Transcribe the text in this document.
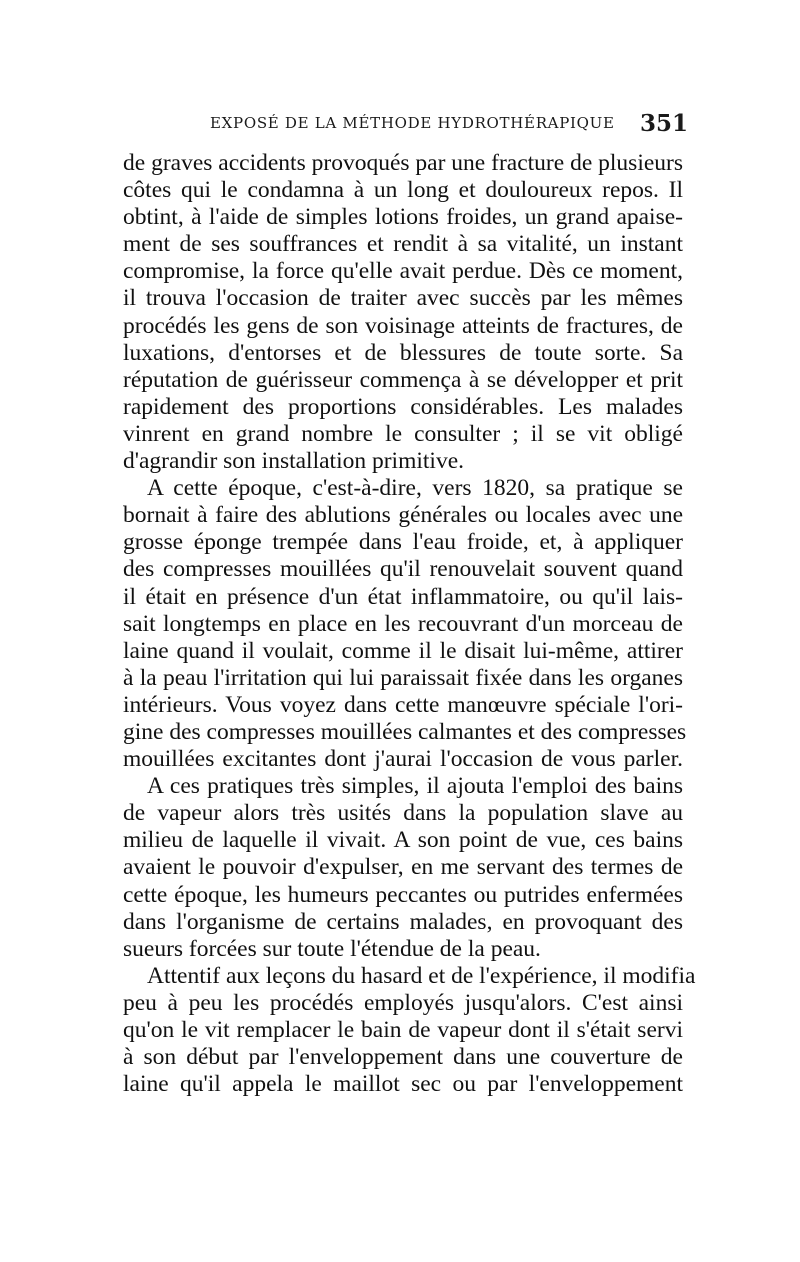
EXPOSÉ DE LA MÉTHODE HYDROTHÉRAPIQUE 351
de graves accidents provoqués par une fracture de plusieurs
côtes qui le condamna à un long et douloureux repos. Il
obtint, à l'aide de simples lotions froides, un grand apaise-
ment de ses souffrances et rendit à sa vitalité, un instant
compromise, la force qu'elle avait perdue. Dès ce moment,
il trouva l'occasion de traiter avec succès par les mêmes
procédés les gens de son voisinage atteints de fractures, de
luxations, d'entorses et de blessures de toute sorte. Sa
réputation de guérisseur commença à se développer et prit
rapidement des proportions considérables. Les malades
vinrent en grand nombre le consulter ; il se vit obligé
d'agrandir son installation primitive.
A cette époque, c'est-à-dire, vers 1820, sa pratique se
bornait à faire des ablutions générales ou locales avec une
grosse éponge trempée dans l'eau froide, et, à appliquer
des compresses mouillées qu'il renouvelait souvent quand
il était en présence d'un état inflammatoire, ou qu'il lais-
sait longtemps en place en les recouvrant d'un morceau de
laine quand il voulait, comme il le disait lui-même, attirer
à la peau l'irritation qui lui paraissait fixée dans les organes
intérieurs. Vous voyez dans cette manœuvre spéciale l'ori-
gine des compresses mouillées calmantes et des compresses
mouillées excitantes dont j'aurai l'occasion de vous parler.
A ces pratiques très simples, il ajouta l'emploi des bains
de vapeur alors très usités dans la population slave au
milieu de laquelle il vivait. A son point de vue, ces bains
avaient le pouvoir d'expulser, en me servant des termes de
cette époque, les humeurs peccantes ou putrides enfermées
dans l'organisme de certains malades, en provoquant des
sueurs forcées sur toute l'étendue de la peau.
Attentif aux leçons du hasard et de l'expérience, il modifia
peu à peu les procédés employés jusqu'alors. C'est ainsi
qu'on le vit remplacer le bain de vapeur dont il s'était servi
à son début par l'enveloppement dans une couverture de
laine qu'il appela le maillot sec ou par l'enveloppement
